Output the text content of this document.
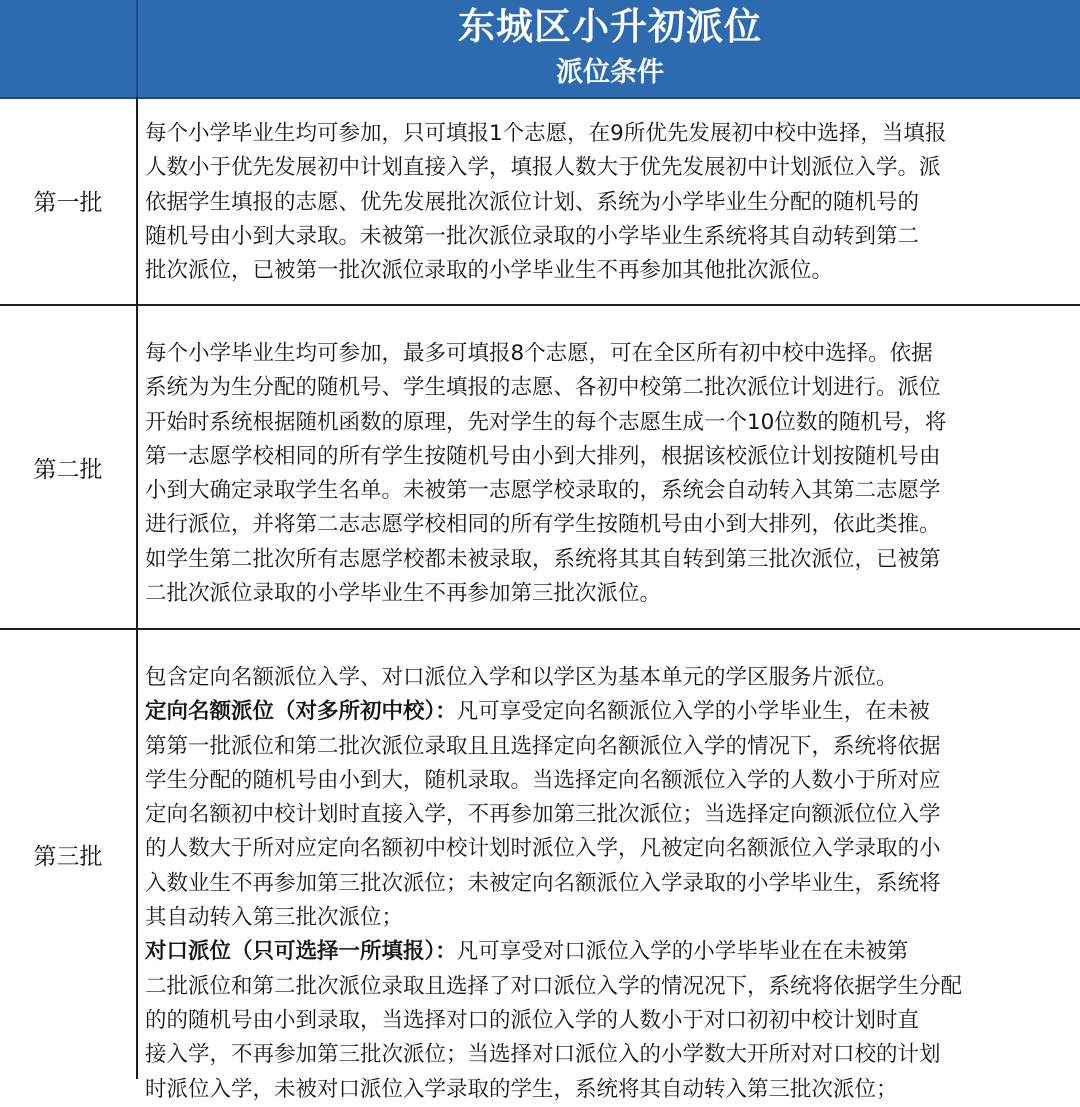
东城区小升初派位
派位条件
第一批
每个小学毕业生均可参加，只可填报1个志愿，在9所优先发展初中校中选择，当填报
人数小于优先发展初中计划直接入学，填报人数大于优先发展初中计划派位入学。派
依据学生填报的志愿、优先发展批次派位计划、系统为小学毕业生分配的随机号的
随机号由小到大录取。未被第一批次派位录取的小学毕业生系统将其自动转到第二
批次派位，已被第一批次派位录取的小学毕业生不再参加其他批次派位。
第二批
每个小学毕业生均可参加，最多可填报8个志愿，可在全区所有初中校中选择。依据
系统为为生分配的随机号、学生填报的志愿、各初中校第二批次派位计划进行。派位
开始时系统根据随机函数的原理，先对学生的每个志愿生成一个10位数的随机号，将
第一志愿学校相同的所有学生按随机号由小到大排列，根据该校派位计划按随机号由
小到大确定录取学生名单。未被第一志愿学校录取的，系统会自动转入其第二志愿学
进行派位，并将第二志志愿学校相同的所有学生按随机号由小到大排列，依此类推。
如学生第二批次所有志愿学校都未被录取，系统将其其自转到第三批次派位，已被第
二批次派位录取的小学毕业生不再参加第三批次派位。
第三批
包含定向名额派位入学、对口派位入学和以学区为基本单元的学区服务片派位。
定向名额派位（对多所初中校）：凡可享受定向名额派位入学的小学毕业生，在未被
第第一批派位和第二批次派位录取且且选择定向名额派位入学的情况下，系统将依据
学生分配的随机号由小到大，随机录取。当选择定向名额派位入学的人数小于所对应
定向名额初中校计划时直接入学，不再参加第三批次派位；当选择定向额派位位入学
的人数大于所对应定向名额初中校计划时派位入学，凡被定向名额派位入学录取的小
入数业生不再参加第三批次派位；未被定向名额派位入学录取的小学毕业生，系统将
其自动转入第三批次派位；
对口派位（只可选择一所填报）：凡可享受对口派位入学的小学毕毕业在在未被第
二批派位和第二批次派位录取且选择了对口派位入学的情况况下，系统将依据学生分配
的的随机号由小到录取，当选择对口的派位入学的人数小于对口初初中校计划时直
接入学，不再参加第三批次派位；当选择对口派位入的小学数大开所对对口校的计划
时派位入学，未被对口派位入学录取的学生，系统将其自动转入第三批次派位；
